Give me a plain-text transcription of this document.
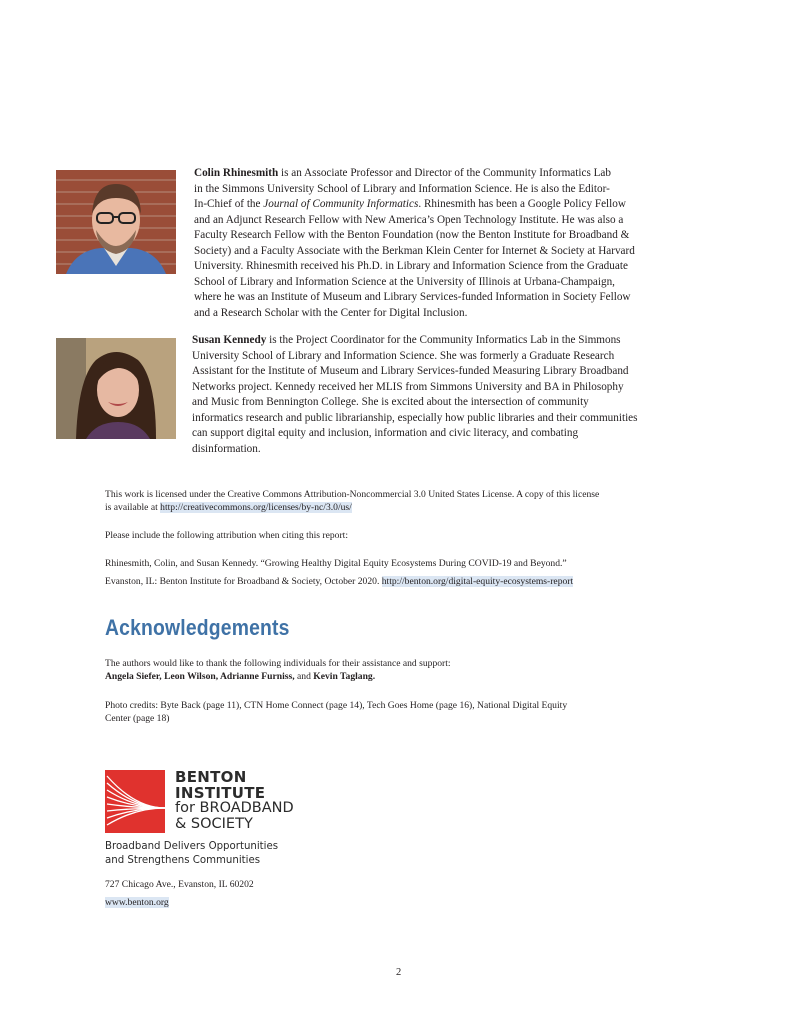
Colin Rhinesmith is an Associate Professor and Director of the Community Informatics Lab
in the Simmons University School of Library and Information Science. He is also the Editor-
In-Chief of the Journal of Community Informatics. Rhinesmith has been a Google Policy Fellow
and an Adjunct Research Fellow with New America’s Open Technology Institute. He was also a
Faculty Research Fellow with the Benton Foundation (now the Benton Institute for Broadband &
Society) and a Faculty Associate with the Berkman Klein Center for Internet & Society at Harvard
University. Rhinesmith received his Ph.D. in Library and Information Science from the Graduate
School of Library and Information Science at the University of Illinois at Urbana-Champaign,
where he was an Institute of Museum and Library Services-funded Information in Society Fellow
and a Research Scholar with the Center for Digital Inclusion.
Susan Kennedy is the Project Coordinator for the Community Informatics Lab in the Simmons
University School of Library and Information Science. She was formerly a Graduate Research
Assistant for the Institute of Museum and Library Services-funded Measuring Library Broadband
Networks project. Kennedy received her MLIS from Simmons University and BA in Philosophy
and Music from Bennington College. She is excited about the intersection of community
informatics research and public librarianship, especially how public libraries and their communities
can support digital equity and inclusion, information and civic literacy, and combating
disinformation.
This work is licensed under the Creative Commons Attribution-Noncommercial 3.0 United States License. A copy of this license
is available at http://creativecommons.org/licenses/by-nc/3.0/us/
Please include the following attribution when citing this report:
Rhinesmith, Colin, and Susan Kennedy. “Growing Healthy Digital Equity Ecosystems During COVID-19 and Beyond.”
Evanston, IL: Benton Institute for Broadband & Society, October 2020. http://benton.org/digital-equity-ecosystems-report
Acknowledgements
The authors would like to thank the following individuals for their assistance and support:
Angela Siefer, Leon Wilson, Adrianne Furniss, and Kevin Taglang.
Photo credits: Byte Back (page 11), CTN Home Connect (page 14), Tech Goes Home (page 16), National Digital Equity
Center (page 18)
BENTON
INSTITUTE
for BROADBAND
& SOCIETY
Broadband Delivers Opportunities
and Strengthens Communities
727 Chicago Ave., Evanston, IL 60202
www.benton.org
2
